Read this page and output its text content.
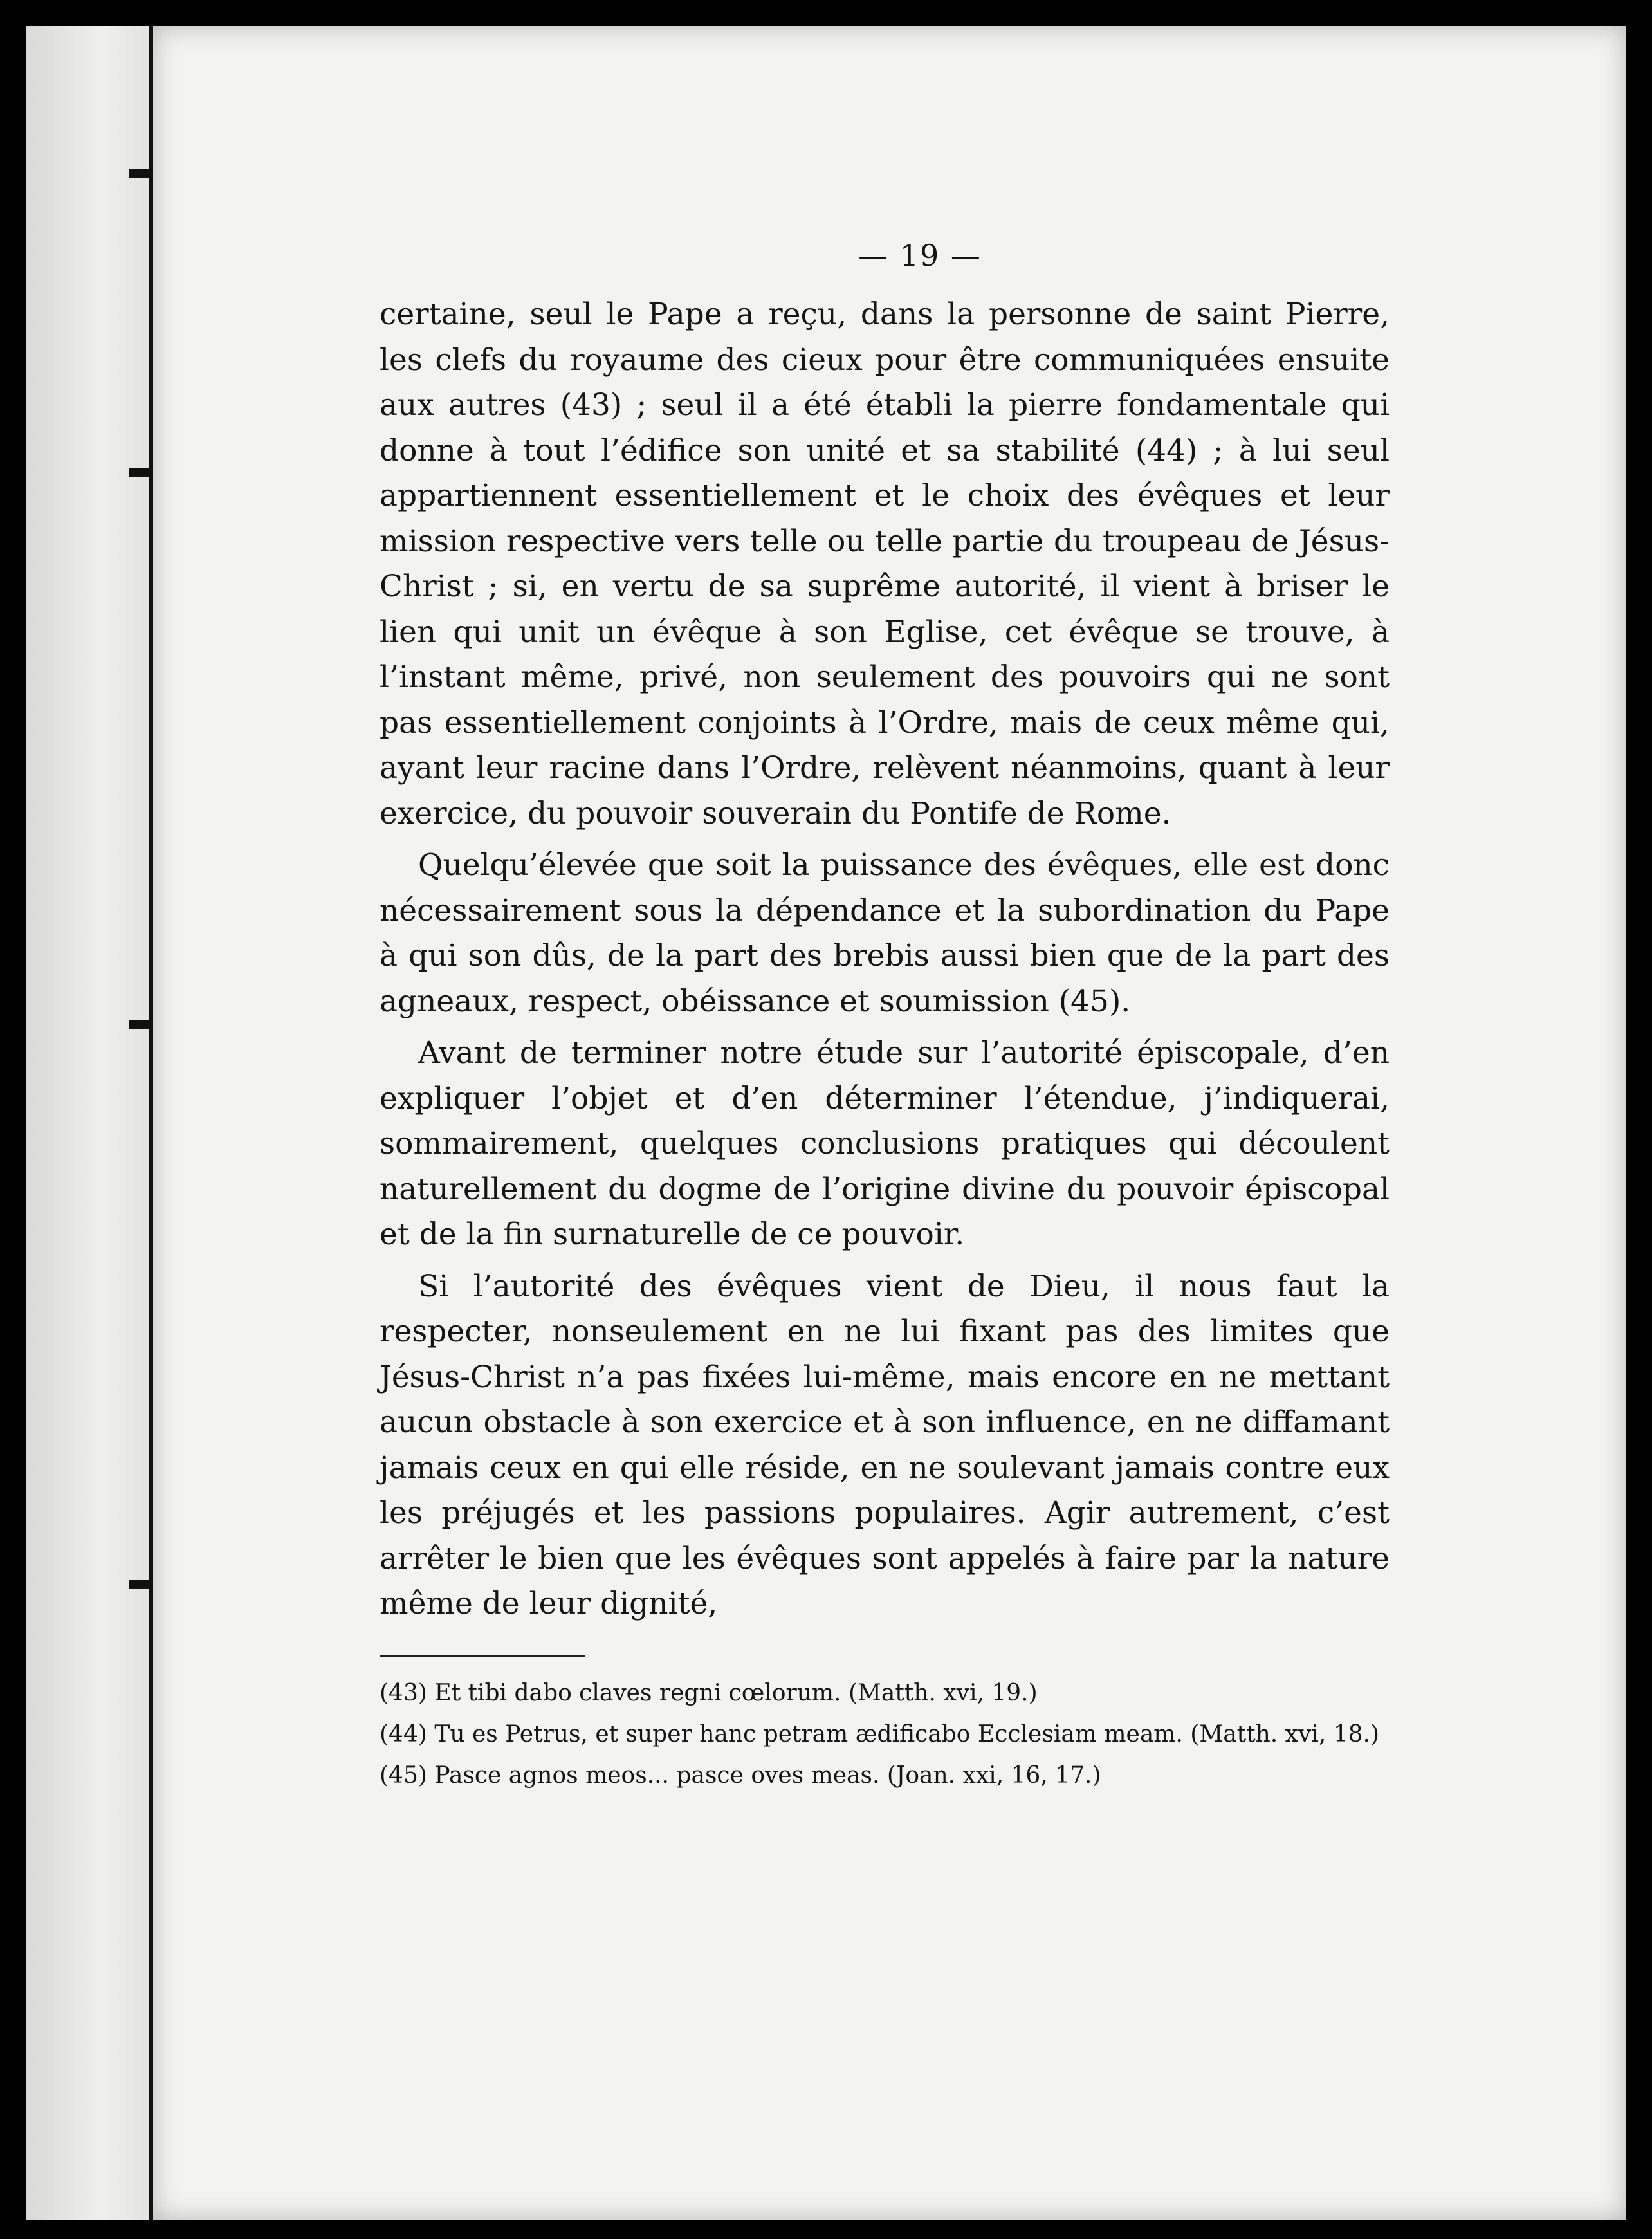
— 19 —

certaine, seul le Pape a reçu, dans la personne de saint Pierre, les clefs du royaume des cieux pour être communiquées ensuite aux autres (43) ; seul il a été établi la pierre fondamentale qui donne à tout l’édifice son unité et sa stabilité (44) ; à lui seul appartiennent essentiellement et le choix des évêques et leur mission respective vers telle ou telle partie du troupeau de Jésus-Christ ; si, en vertu de sa suprême autorité, il vient à briser le lien qui unit un évêque à son Eglise, cet évêque se trouve, à l’instant même, privé, non seulement des pouvoirs qui ne sont pas essentiellement conjoints à l’Ordre, mais de ceux même qui, ayant leur racine dans l’Ordre, relèvent néanmoins, quant à leur exercice, du pouvoir souverain du Pontife de Rome.

Quelqu’élevée que soit la puissance des évêques, elle est donc nécessairement sous la dépendance et la subordination du Pape à qui son dûs, de la part des brebis aussi bien que de la part des agneaux, respect, obéissance et soumission (45).

Avant de terminer notre étude sur l’autorité épiscopale, d’en expliquer l’objet et d’en déterminer l’étendue, j’indiquerai, sommairement, quelques conclusions pratiques qui découlent naturellement du dogme de l’origine divine du pouvoir épiscopal et de la fin surnaturelle de ce pouvoir.

Si l’autorité des évêques vient de Dieu, il nous faut la respecter, nonseulement en ne lui fixant pas des limites que Jésus-Christ n’a pas fixées lui-même, mais encore en ne mettant aucun obstacle à son exercice et à son influence, en ne diffamant jamais ceux en qui elle réside, en ne soulevant jamais contre eux les préjugés et les passions populaires. Agir autrement, c’est arrêter le bien que les évêques sont appelés à faire par la nature même de leur dignité,

(43) Et tibi dabo claves regni cœlorum. (Matth. xvi, 19.)

(44) Tu es Petrus, et super hanc petram ædificabo Ecclesiam meam. (Matth. xvi, 18.)

(45) Pasce agnos meos... pasce oves meas. (Joan. xxi, 16, 17.)
